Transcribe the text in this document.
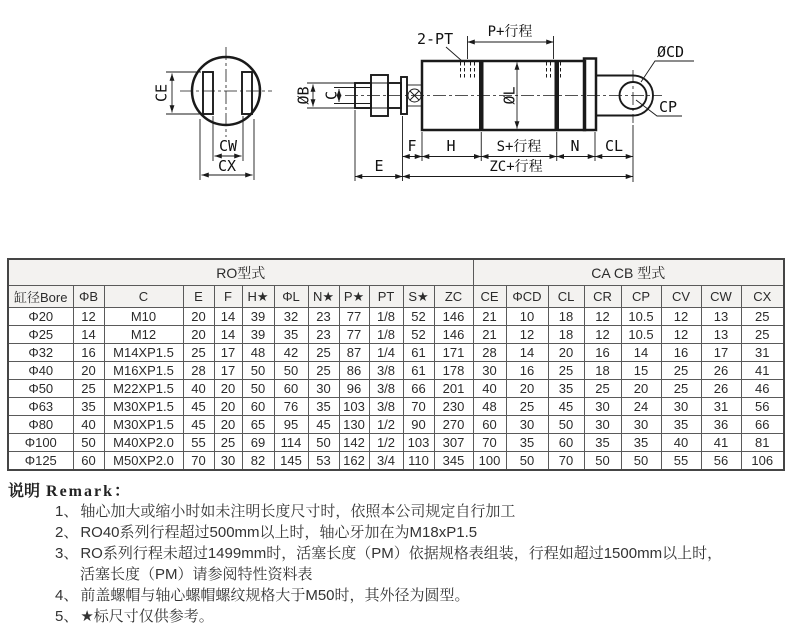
CE
CW
CX
ØL
2-PT P+行程
ØCD
CP
ØB C
F H	S+行程 N CL
E	ZC+行程
RO型式												CA CB 型式							
缸径Bore	ΦB	C	E	F	H★	ΦL	N★	P★	PT	S★	ZC	CE	ΦCD	CL	CR	CP	CV	CW	CX
Φ20	12	M10	20	14	39	32	23	77	1/8	52	146	21	10	18	12	10.5	12	13	25
Φ25	14	M12	20	14	39	35	23	77	1/8	52	146	21	12	18	12	10.5	12	13	25
Φ32	16	M14XP1.5	25	17	48	42	25	87	1/4	61	171	28	14	20	16	14	16	17	31
Φ40	20	M16XP1.5	28	17	50	50	25	86	3/8	61	178	30	16	25	18	15	25	26	41
Φ50	25	M22XP1.5	40	20	50	60	30	96	3/8	66	201	40	20	35	25	20	25	26	46
Φ63	35	M30XP1.5	45	20	60	76	35	103	3/8	70	230	48	25	45	30	24	30	31	56
Φ80	40	M30XP1.5	45	20	65	95	45	130	1/2	90	270	60	30	50	30	30	35	36	66
Φ100	50	M40XP2.0	55	25	69	114	50	142	1/2	103	307	70	35	60	35	35	40	41	81
Φ125	60	M50XP2.0	70	30	82	145	53	162	3/4	110	345	100	50	70	50	50	55	56	106
说明 Remark：
1、 轴心加大或缩小时如未注明长度尺寸时，依照本公司规定自行加工
2、 RO40系列行程超过500mm以上时，轴心牙加在为M18xP1.5
3、 RO系列行程未超过1499mm时，活塞长度（PM）依据规格表组装，行程如超过1500mm以上时，
活塞长度（PM）请参阅特性资料表
4、 前盖螺帽与轴心螺帽螺纹规格大于M50时，其外径为圆型。
5、 ★标尺寸仅供参考。
